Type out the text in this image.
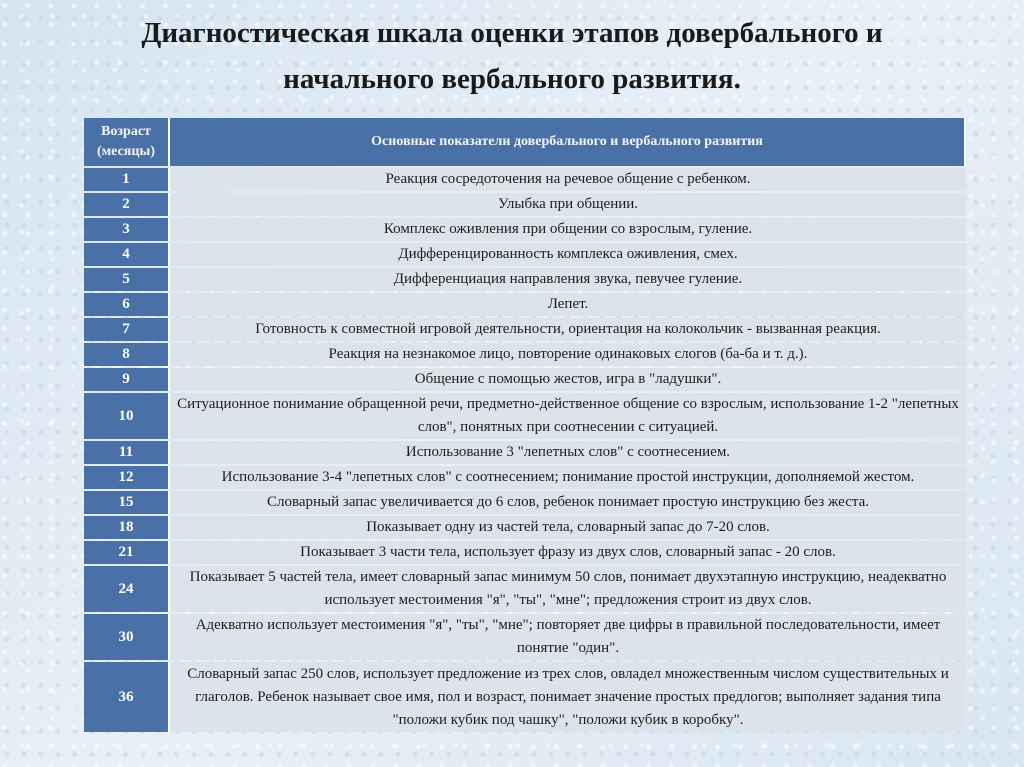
Диагностическая шкала оценки этапов довербального и
начального вербального развития.
Возраст
(месяцы)	Основные показатели довербального и вербального развития
1	Реакция сосредоточения на речевое общение с ребенком.
2	Улыбка при общении.
3	Комплекс оживления при общении со взрослым, гуление.
4	Дифференцированность комплекса оживления, смех.
5	Дифференциация направления звука, певучее гуление.
6	Лепет.
7	Готовность к совместной игровой деятельности, ориентация на колокольчик - вызванная реакция.
8	Реакция на незнакомое лицо, повторение одинаковых слогов (ба-ба и т. д.).
9	Общение с помощью жестов, игра в "ладушки".
10	Ситуационное понимание обращенной речи, предметно-действенное общение со взрослым, использование 1-2 "лепетных слов", понятных при соотнесении с ситуацией.
11	Использование 3 "лепетных слов" с соотнесением.
12	Использование 3-4 "лепетных слов" с соотнесением; понимание простой инструкции, дополняемой жестом.
15	Словарный запас увеличивается до 6 слов, ребенок понимает простую инструкцию без жеста.
18	Показывает одну из частей тела, словарный запас до 7-20 слов.
21	Показывает 3 части тела, использует фразу из двух слов, словарный запас - 20 слов.
24	Показывает 5 частей тела, имеет словарный запас минимум 50 слов, понимает двухэтапную инструкцию, неадекватно использует местоимения "я", "ты", "мне"; предложения строит из двух слов.
30	Адекватно использует местоимения "я", "ты", "мне"; повторяет две цифры в правильной последовательности, имеет понятие "один".
36	Словарный запас 250 слов, использует предложение из трех слов, овладел множественным числом существительных и глаголов. Ребенок называет свое имя, пол и возраст, понимает значение простых предлогов; выполняет задания типа "положи кубик под чашку", "положи кубик в коробку".
